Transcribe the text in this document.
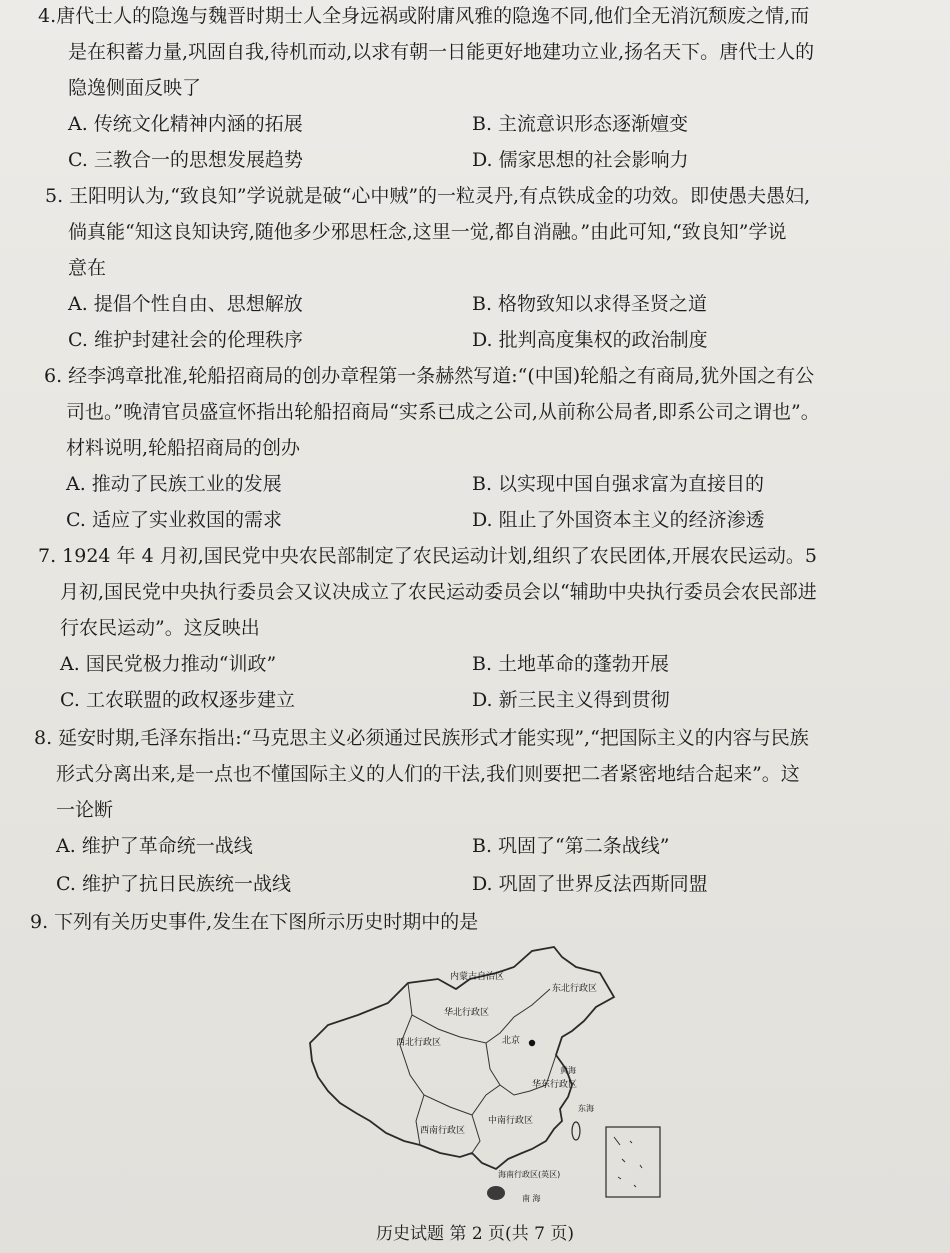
4.唐代士人的隐逸与魏晋时期士人全身远祸或附庸风雅的隐逸不同,他们全无消沉颓废之情,而
是在积蓄力量,巩固自我,待机而动,以求有朝一日能更好地建功立业,扬名天下。唐代士人的
隐逸侧面反映了
A. 传统文化精神内涵的拓展	B. 主流意识形态逐渐嬗变
C. 三教合一的思想发展趋势	D. 儒家思想的社会影响力
5. 王阳明认为,“致良知”学说就是破“心中贼”的一粒灵丹,有点铁成金的功效。即使愚夫愚妇,
倘真能“知这良知诀窍,随他多少邪思枉念,这里一觉,都自消融。”由此可知,“致良知”学说
意在
A. 提倡个性自由、思想解放	B. 格物致知以求得圣贤之道
C. 维护封建社会的伦理秩序	D. 批判高度集权的政治制度
6. 经李鸿章批准,轮船招商局的创办章程第一条赫然写道:“(中国)轮船之有商局,犹外国之有公
司也。”晚清官员盛宣怀指出轮船招商局“实系已成之公司,从前称公局者,即系公司之谓也”。
材料说明,轮船招商局的创办
A. 推动了民族工业的发展	B. 以实现中国自强求富为直接目的
C. 适应了实业救国的需求	D. 阻止了外国资本主义的经济渗透
7. 1924 年 4 月初,国民党中央农民部制定了农民运动计划,组织了农民团体,开展农民运动。5
月初,国民党中央执行委员会又议决成立了农民运动委员会以“辅助中央执行委员会农民部进
行农民运动”。这反映出
A. 国民党极力推动“训政”	B. 土地革命的蓬勃开展
C. 工农联盟的政权逐步建立	D. 新三民主义得到贯彻
8. 延安时期,毛泽东指出:“马克思主义必须通过民族形式才能实现”,“把国际主义的内容与民族
形式分离出来,是一点也不懂国际主义的人们的干法,我们则要把二者紧密地结合起来”。这
一论断
A. 维护了革命统一战线	B. 巩固了“第二条战线”
C. 维护了抗日民族统一战线	D. 巩固了世界反法西斯同盟
9. 下列有关历史事件,发生在下图所示历史时期中的是
内蒙古自治区
东北行政区
华北行政区
西北行政区	北京
黄海
华东行政区
西南行政区
中南行政区
东海
海南行政区(英区)
南 海
历史试题 第 2 页(共 7 页)
